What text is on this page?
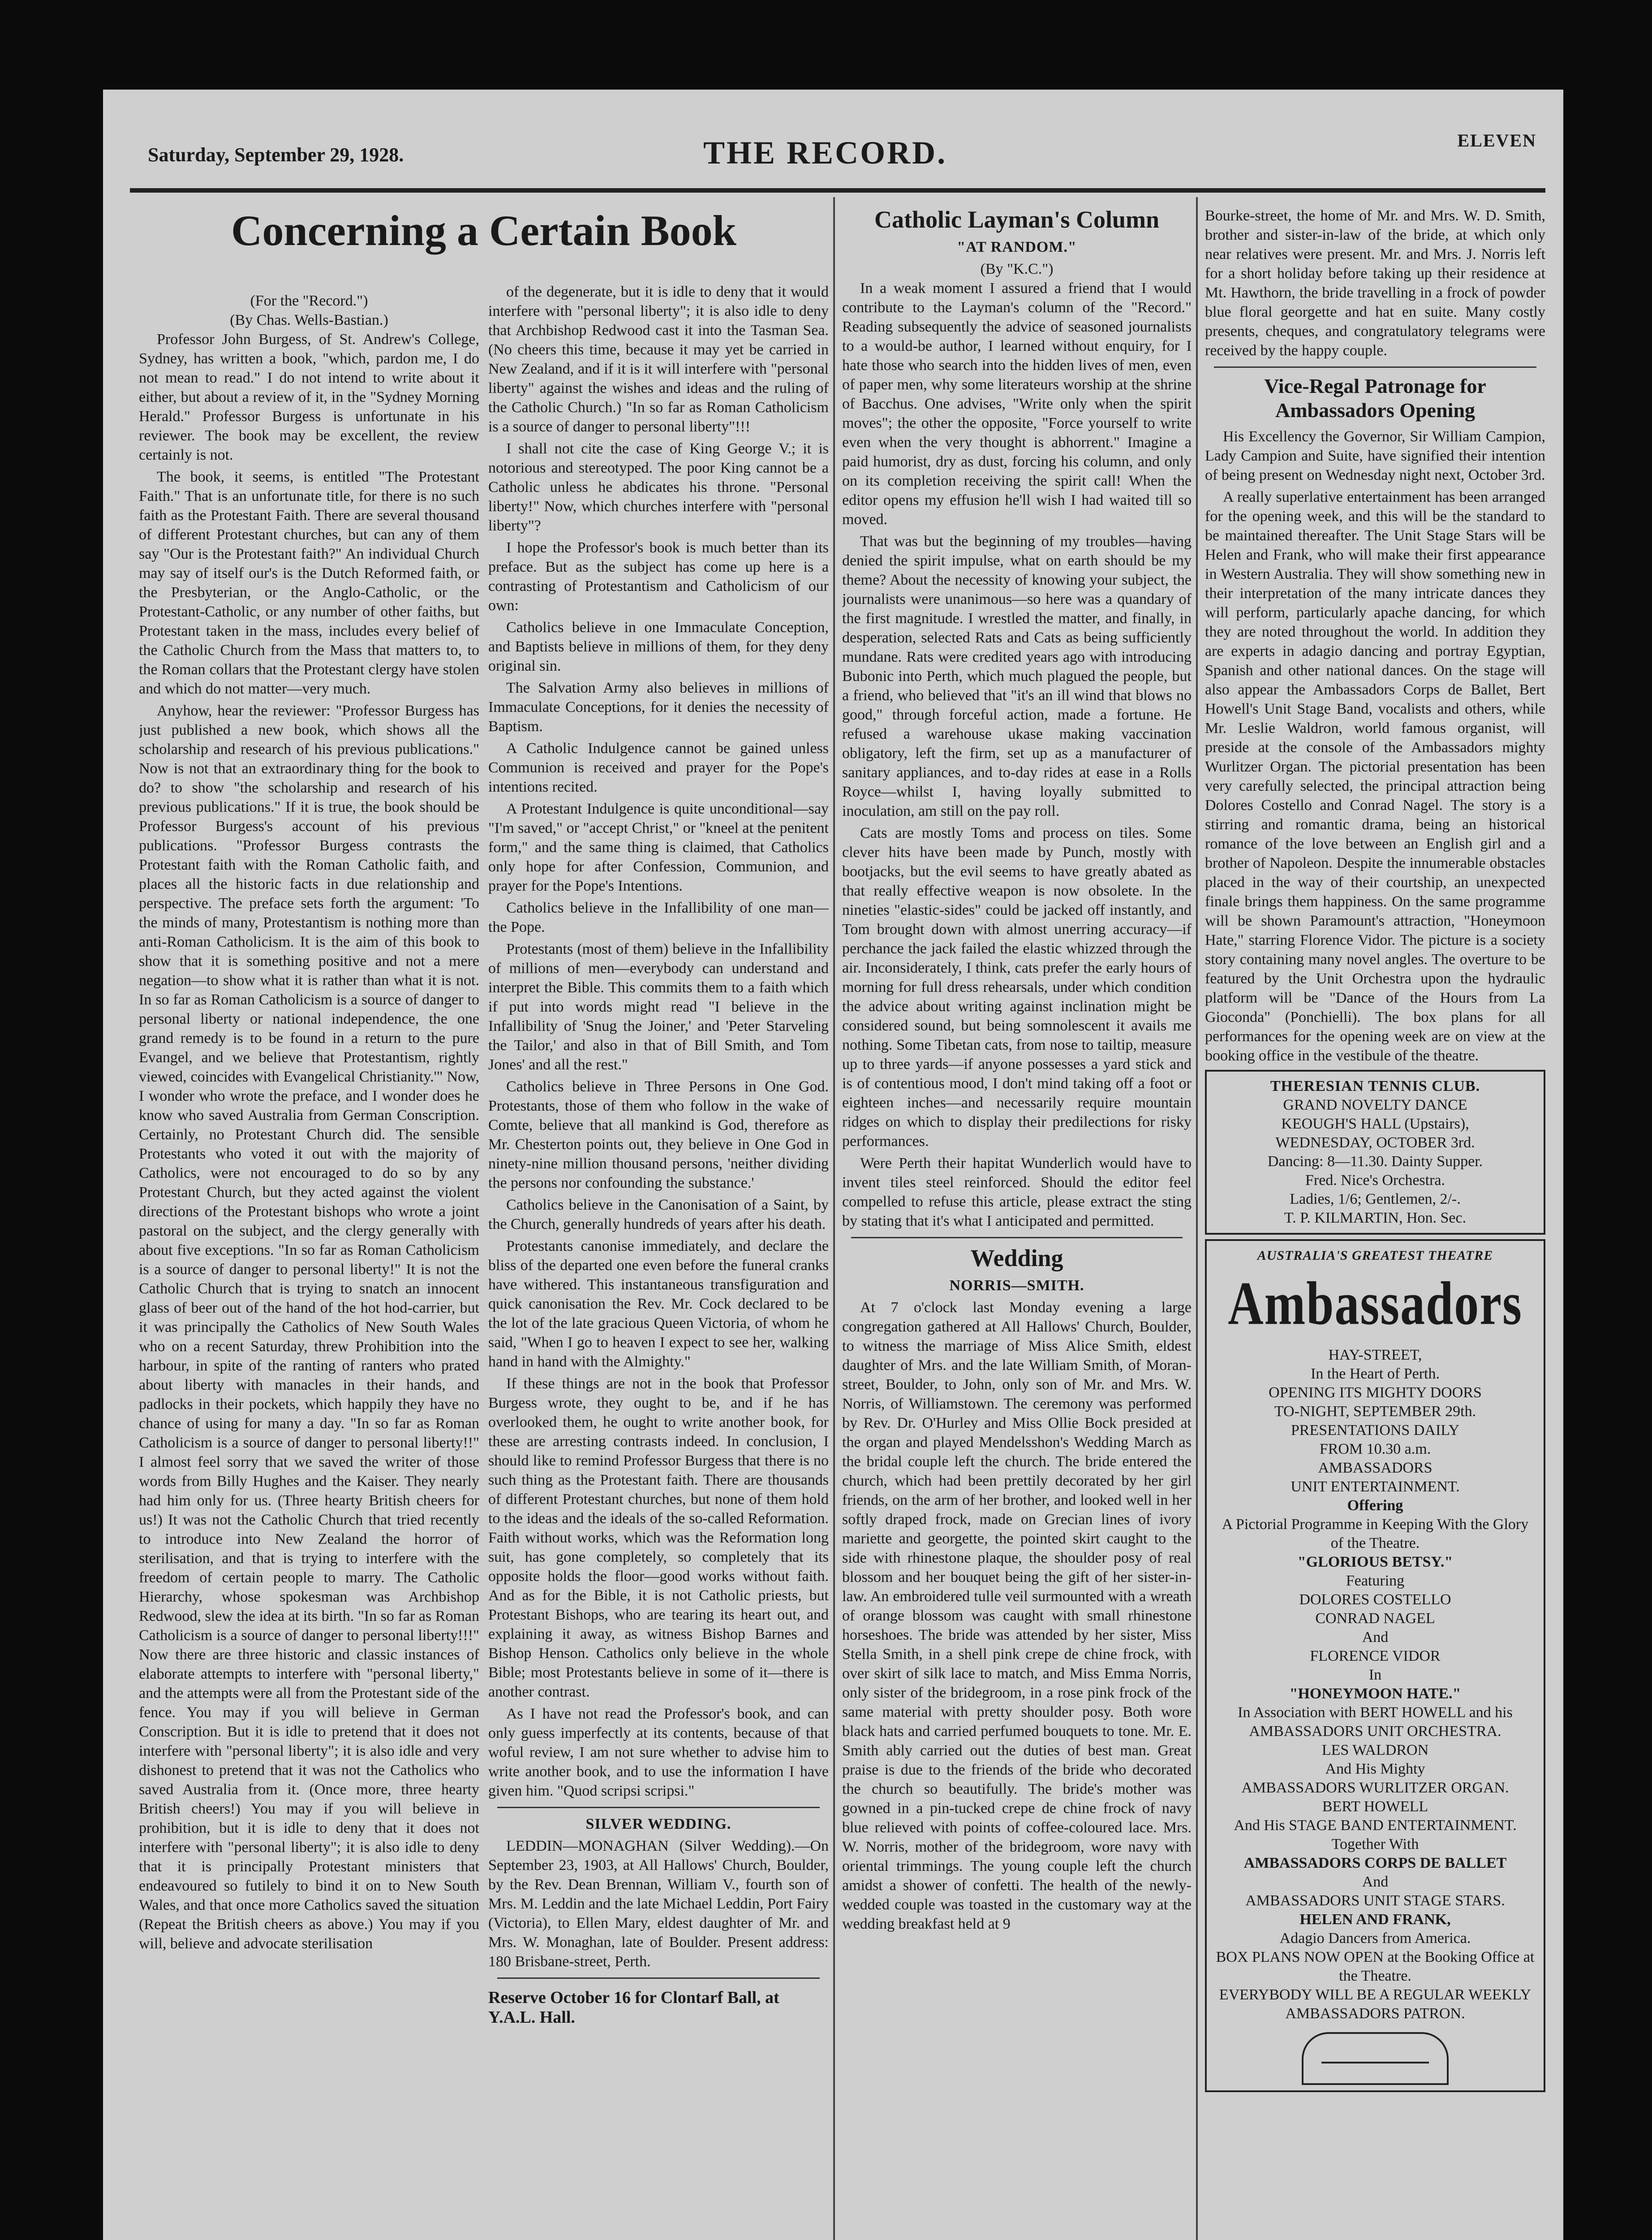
Saturday, September 29, 1928.	THE RECORD.	ELEVEN
Concerning a Certain Book
(For the "Record.")
(By Chas. Wells-Bastian.)

Professor John Burgess, of St. Andrew's College, Sydney, has written a book, "which, pardon me, I do not mean to read." I do not intend to write about it either, but about a review of it, in the "Sydney Morning Herald." Professor Burgess is unfortunate in his reviewer. The book may be excellent, the review certainly is not.

The book, it seems, is entitled "The Protestant Faith." That is an unfortunate title, for there is no such faith as the Protestant Faith. There are several thousand of different Protestant churches, but can any of them say "Our is the Protestant faith?" An individual Church may say of itself our's is the Dutch Reformed faith, or the Presbyterian, or the Anglo-Catholic, or the Protestant-Catholic, or any number of other faiths, but Protestant taken in the mass, includes every belief of the Catholic Church from the Mass that matters to, to the Roman collars that the Protestant clergy have stolen and which do not matter—very much.

Anyhow, hear the reviewer: "Professor Burgess has just published a new book, which shows all the scholarship and research of his previous publications." Now is not that an extraordinary thing for the book to do? to show "the scholarship and research of his previous publications." If it is true, the book should be Professor Burgess's account of his previous publications. "Professor Burgess contrasts the Protestant faith with the Roman Catholic faith, and places all the historic facts in due relationship and perspective. The preface sets forth the argument: 'To the minds of many, Protestantism is nothing more than anti-Roman Catholicism. It is the aim of this book to show that it is something positive and not a mere negation—to show what it is rather than what it is not. In so far as Roman Catholicism is a source of danger to personal liberty or national independence, the one grand remedy is to be found in a return to the pure Evangel, and we believe that Protestantism, rightly viewed, coincides with Evangelical Christianity.'" Now, I wonder who wrote the preface, and I wonder does he know who saved Australia from German Conscription. Certainly, no Protestant Church did. The sensible Protestants who voted it out with the majority of Catholics, were not encouraged to do so by any Protestant Church, but they acted against the violent directions of the Protestant bishops who wrote a joint pastoral on the subject, and the clergy generally with about five exceptions. "In so far as Roman Catholicism is a source of danger to personal liberty!" It is not the Catholic Church that is trying to snatch an innocent glass of beer out of the hand of the hot hod-carrier, but it was principally the Catholics of New South Wales who on a recent Saturday, threw Prohibition into the harbour, in spite of the ranting of ranters who prated about liberty with manacles in their hands, and padlocks in their pockets, which happily they have no chance of using for many a day. "In so far as Roman Catholicism is a source of danger to personal liberty!!" I almost feel sorry that we saved the writer of those words from Billy Hughes and the Kaiser. They nearly had him only for us. (Three hearty British cheers for us!) It was not the Catholic Church that tried recently to introduce into New Zealand the horror of sterilisation, and that is trying to interfere with the freedom of certain people to marry. The Catholic Hierarchy, whose spokesman was Archbishop Redwood, slew the idea at its birth. "In so far as Roman Catholicism is a source of danger to personal liberty!!!" Now there are three historic and classic instances of elaborate attempts to interfere with "personal liberty," and the attempts were all from the Protestant side of the fence. You may if you will believe in German Conscription. But it is idle to pretend that it does not interfere with "personal liberty"; it is also idle and very dishonest to pretend that it was not the Catholics who saved Australia from it. (Once more, three hearty British cheers!) You may if you will believe in prohibition, but it is idle to deny that it does not interfere with "personal liberty"; it is also idle to deny that it is principally Protestant ministers that endeavoured so futilely to bind it on to New South Wales, and that once more Catholics saved the situation (Repeat the British cheers as above.) You may if you will, believe and advocate sterilisation

of the degenerate, but it is idle to deny that it would interfere with "personal liberty"; it is also idle to deny that Archbishop Redwood cast it into the Tasman Sea. (No cheers this time, because it may yet be carried in New Zealand, and if it is it will interfere with "personal liberty" against the wishes and ideas and the ruling of the Catholic Church.) "In so far as Roman Catholicism is a source of danger to personal liberty"!!!

I shall not cite the case of King George V.; it is notorious and stereotyped. The poor King cannot be a Catholic unless he abdicates his throne. "Personal liberty!" Now, which churches interfere with "personal liberty"?

I hope the Professor's book is much better than its preface. But as the subject has come up here is a contrasting of Protestantism and Catholicism of our own:

Catholics believe in one Immaculate Conception, and Baptists believe in millions of them, for they deny original sin.

The Salvation Army also believes in millions of Immaculate Conceptions, for it denies the necessity of Baptism.

A Catholic Indulgence cannot be gained unless Communion is received and prayer for the Pope's intentions recited.

A Protestant Indulgence is quite unconditional—say "I'm saved," or "accept Christ," or "kneel at the penitent form," and the same thing is claimed, that Catholics only hope for after Confession, Communion, and prayer for the Pope's Intentions.

Catholics believe in the Infallibility of one man—the Pope.

Protestants (most of them) believe in the Infallibility of millions of men—everybody can understand and interpret the Bible. This commits them to a faith which if put into words might read "I believe in the Infallibility of 'Snug the Joiner,' and 'Peter Starveling the Tailor,' and also in that of Bill Smith, and Tom Jones' and all the rest."

Catholics believe in Three Persons in One God. Protestants, those of them who follow in the wake of Comte, believe that all mankind is God, therefore as Mr. Chesterton points out, they believe in One God in ninety-nine million thousand persons, 'neither dividing the persons nor confounding the substance.'

Catholics believe in the Canonisation of a Saint, by the Church, generally hundreds of years after his death.

Protestants canonise immediately, and declare the bliss of the departed one even before the funeral cranks have withered. This instantaneous transfiguration and quick canonisation the Rev. Mr. Cock declared to be the lot of the late gracious Queen Victoria, of whom he said, "When I go to heaven I expect to see her, walking hand in hand with the Almighty."

If these things are not in the book that Professor Burgess wrote, they ought to be, and if he has overlooked them, he ought to write another book, for these are arresting contrasts indeed. In conclusion, I should like to remind Professor Burgess that there is no such thing as the Protestant faith. There are thousands of different Protestant churches, but none of them hold to the ideas and the ideals of the so-called Reformation. Faith without works, which was the Reformation long suit, has gone completely, so completely that its opposite holds the floor—good works without faith. And as for the Bible, it is not Catholic priests, but Protestant Bishops, who are tearing its heart out, and explaining it away, as witness Bishop Barnes and Bishop Henson. Catholics only believe in the whole Bible; most Protestants believe in some of it—there is another contrast.

As I have not read the Professor's book, and can only guess imperfectly at its contents, because of that woful review, I am not sure whether to advise him to write another book, and to use the information I have given him. "Quod scripsi scripsi."

SILVER WEDDING.

LEDDIN—MONAGHAN (Silver Wedding).—On September 23, 1903, at All Hallows' Church, Boulder, by the Rev. Dean Brennan, William V., fourth son of Mrs. M. Leddin and the late Michael Leddin, Port Fairy (Victoria), to Ellen Mary, eldest daughter of Mr. and Mrs. W. Monaghan, late of Boulder. Present address: 180 Brisbane-street, Perth.

Reserve October 16 for Clontarf Ball, at Y.A.L. Hall.
Catholic Layman's Column
"AT RANDOM."
(By "K.C.")

In a weak moment I assured a friend that I would contribute to the Layman's column of the "Record." Reading subsequently the advice of seasoned journalists to a would-be author, I learned without enquiry, for I hate those who search into the hidden lives of men, even of paper men, why some literateurs worship at the shrine of Bacchus. One advises, "Write only when the spirit moves"; the other the opposite, "Force yourself to write even when the very thought is abhorrent." Imagine a paid humorist, dry as dust, forcing his column, and only on its completion receiving the spirit call! When the editor opens my effusion he'll wish I had waited till so moved.

That was but the beginning of my troubles—having denied the spirit impulse, what on earth should be my theme? About the necessity of knowing your subject, the journalists were unanimous—so here was a quandary of the first magnitude. I wrestled the matter, and finally, in desperation, selected Rats and Cats as being sufficiently mundane. Rats were credited years ago with introducing Bubonic into Perth, which much plagued the people, but a friend, who believed that "it's an ill wind that blows no good," through forceful action, made a fortune. He refused a warehouse ukase making vaccination obligatory, left the firm, set up as a manufacturer of sanitary appliances, and to-day rides at ease in a Rolls Royce—whilst I, having loyally submitted to inoculation, am still on the pay roll.

Cats are mostly Toms and process on tiles. Some clever hits have been made by Punch, mostly with bootjacks, but the evil seems to have greatly abated as that really effective weapon is now obsolete. In the nineties "elastic-sides" could be jacked off instantly, and Tom brought down with almost unerring accuracy—if perchance the jack failed the elastic whizzed through the air. Inconsiderately, I think, cats prefer the early hours of morning for full dress rehearsals, under which condition the advice about writing against inclination might be considered sound, but being somnolescent it avails me nothing. Some Tibetan cats, from nose to tailtip, measure up to three yards—if anyone possesses a yard stick and is of contentious mood, I don't mind taking off a foot or eighteen inches—and necessarily require mountain ridges on which to display their predilections for risky performances.

Were Perth their hapitat Wunderlich would have to invent tiles steel reinforced. Should the editor feel compelled to refuse this article, please extract the sting by stating that it's what I anticipated and permitted.

Wedding
NORRIS—SMITH.

At 7 o'clock last Monday evening a large congregation gathered at All Hallows' Church, Boulder, to witness the marriage of Miss Alice Smith, eldest daughter of Mrs. and the late William Smith, of Moran-street, Boulder, to John, only son of Mr. and Mrs. W. Norris, of Williamstown. The ceremony was performed by Rev. Dr. O'Hurley and Miss Ollie Bock presided at the organ and played Mendelsshon's Wedding March as the bridal couple left the church. The bride entered the church, which had been prettily decorated by her girl friends, on the arm of her brother, and looked well in her softly draped frock, made on Grecian lines of ivory mariette and georgette, the pointed skirt caught to the side with rhinestone plaque, the shoulder posy of real blossom and her bouquet being the gift of her sister-in-law. An embroidered tulle veil surmounted with a wreath of orange blossom was caught with small rhinestone horseshoes. The bride was attended by her sister, Miss Stella Smith, in a shell pink crepe de chine frock, with over skirt of silk lace to match, and Miss Emma Norris, only sister of the bridegroom, in a rose pink frock of the same material with pretty shoulder posy. Both wore black hats and carried perfumed bouquets to tone. Mr. E. Smith ably carried out the duties of best man. Great praise is due to the friends of the bride who decorated the church so beautifully. The bride's mother was gowned in a pin-tucked crepe de chine frock of navy blue relieved with points of coffee-coloured lace. Mrs. W. Norris, mother of the bridegroom, wore navy with oriental trimmings. The young couple left the church amidst a shower of confetti. The health of the newly-wedded couple was toasted in the customary way at the wedding breakfast held at 9

Bourke-street, the home of Mr. and Mrs. W. D. Smith, brother and sister-in-law of the bride, at which only near relatives were present. Mr. and Mrs. J. Norris left for a short holiday before taking up their residence at Mt. Hawthorn, the bride travelling in a frock of powder blue floral georgette and hat en suite. Many costly presents, cheques, and congratulatory telegrams were received by the happy couple.

Vice-Regal Patronage for Ambassadors Opening

His Excellency the Governor, Sir William Campion, Lady Campion and Suite, have signified their intention of being present on Wednesday night next, October 3rd.

A really superlative entertainment has been arranged for the opening week, and this will be the standard to be maintained thereafter. The Unit Stage Stars will be Helen and Frank, who will make their first appearance in Western Australia. They will show something new in their interpretation of the many intricate dances they will perform, particularly apache dancing, for which they are noted throughout the world. In addition they are experts in adagio dancing and portray Egyptian, Spanish and other national dances. On the stage will also appear the Ambassadors Corps de Ballet, Bert Howell's Unit Stage Band, vocalists and others, while Mr. Leslie Waldron, world famous organist, will preside at the console of the Ambassadors mighty Wurlitzer Organ. The pictorial presentation has been very carefully selected, the principal attraction being Dolores Costello and Conrad Nagel. The story is a stirring and romantic drama, being an historical romance of the love between an English girl and a brother of Napoleon. Despite the innumerable obstacles placed in the way of their courtship, an unexpected finale brings them happiness. On the same programme will be shown Paramount's attraction, "Honeymoon Hate," starring Florence Vidor. The picture is a society story containing many novel angles. The overture to be featured by the Unit Orchestra upon the hydraulic platform will be "Dance of the Hours from La Gioconda" (Ponchielli). The box plans for all performances for the opening week are on view at the booking office in the vestibule of the theatre.

THERESIAN TENNIS CLUB.
GRAND NOVELTY DANCE
KEOUGH'S HALL (Upstairs),
WEDNESDAY, OCTOBER 3rd.
Dancing: 8—11.30. Dainty Supper.
Fred. Nice's Orchestra.
Ladies, 1/6; Gentlemen, 2/-.
T. P. KILMARTIN, Hon. Sec.
AUSTRALIA'S GREATEST THEATRE
Ambassadors
HAY-STREET,
In the Heart of Perth.
OPENING ITS MIGHTY DOORS
TO-NIGHT, SEPTEMBER 29th.
PRESENTATIONS DAILY
FROM 10.30 a.m.
AMBASSADORS
UNIT ENTERTAINMENT.
Offering
A Pictorial Programme in Keeping With the Glory of the Theatre.
"GLORIOUS BETSY."
Featuring
DOLORES COSTELLO
CONRAD NAGEL
And
FLORENCE VIDOR
In
"HONEYMOON HATE."
In Association with BERT HOWELL and his AMBASSADORS UNIT ORCHESTRA.
LES WALDRON
And His Mighty
AMBASSADORS WURLITZER ORGAN.
BERT HOWELL
And His STAGE BAND ENTERTAINMENT.
Together With
AMBASSADORS CORPS DE BALLET
And
AMBASSADORS UNIT STAGE STARS.
HELEN AND FRANK,
Adagio Dancers from America.
BOX PLANS NOW OPEN at the Booking Office at the Theatre.
EVERYBODY WILL BE A REGULAR WEEKLY AMBASSADORS PATRON.
